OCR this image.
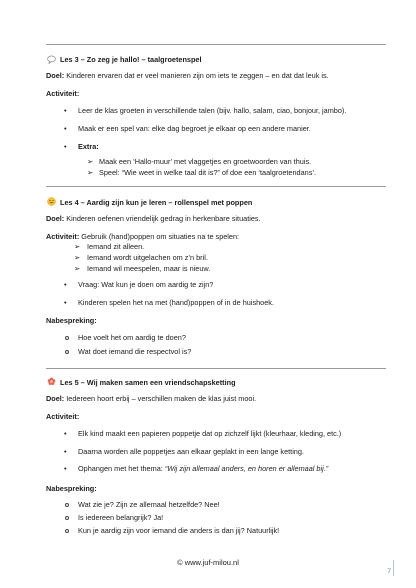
Les 3 – Zo zeg je hallo! – taalgroetenspel
Doel: Kinderen ervaren dat er veel manieren zijn om iets te zeggen – en dat dat leuk is.
Activiteit:
• Leer de klas groeten in verschillende talen (bijv. hallo, salam, ciao, bonjour, jambo).
• Maak er een spel van: elke dag begroet je elkaar op een andere manier.
• Extra:
➢ Maak een ‘Hallo-muur’ met vlaggetjes en groetwoorden van thuis.
➢ Speel: “Wie weet in welke taal dit is?” of doe een ‘taalgroetendans’.
Les 4 – Aardig zijn kun je leren – rollenspel met poppen
Doel: Kinderen oefenen vriendelijk gedrag in herkenbare situaties.
Activiteit: Gebruik (hand)poppen om situaties na te spelen:
➢ Iemand zit alleen.
➢ Iemand wordt uitgelachen om z’n bril.
➢ Iemand wil meespelen, maar is nieuw.
• Vraag: Wat kun je doen om aardig te zijn?
• Kinderen spelen het na met (hand)poppen of in de huishoek.
Nabespreking:
Hoe voelt het om aardig te doen?
Wat doet iemand die respectvol is?
Les 5 – Wij maken samen een vriendschapsketting
Doel: Iedereen hoort erbij – verschillen maken de klas juist mooi.
Activiteit:
• Elk kind maakt een papieren poppetje dat op zichzelf lijkt (kleurhaar, kleding, etc.)
• Daarna worden alle poppetjes aan elkaar geplakt in een lange ketting.
• Ophangen met het thema: “Wij zijn allemaal anders, en horen er allemaal bij.”
Nabespreking:
Wat zie je? Zijn ze allemaal hetzelfde? Nee!
Is iedereen belangrijk? Ja!
Kun je aardig zijn voor iemand die anders is dan jij? Natuurlijk!
© www.juf-milou.nl
7
